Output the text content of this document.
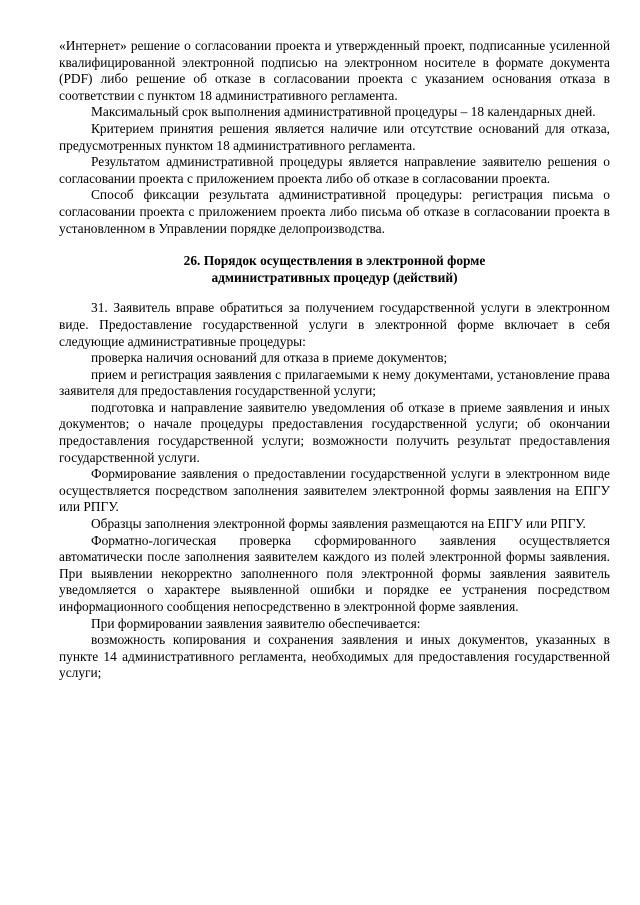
«Интернет» решение о согласовании проекта и утвержденный проект, подписанные усиленной квалифицированной электронной подписью на электронном носителе в формате документа (PDF) либо решение об отказе в согласовании проекта с указанием основания отказа в соответствии с пунктом 18 административного регламента.

Максимальный срок выполнения административной процедуры – 18 календарных дней.

Критерием принятия решения является наличие или отсутствие оснований для отказа, предусмотренных пунктом 18 административного регламента.

Результатом административной процедуры является направление заявителю решения о согласовании проекта с приложением проекта либо об отказе в согласовании проекта.

Способ фиксации результата административной процедуры: регистрация письма о согласовании проекта с приложением проекта либо письма об отказе в согласовании проекта в установленном в Управлении порядке делопроизводства.

26. Порядок осуществления в электронной форме
административных процедур (действий)

31. Заявитель вправе обратиться за получением государственной услуги в электронном виде. Предоставление государственной услуги в электронной форме включает в себя следующие административные процедуры:

проверка наличия оснований для отказа в приеме документов;

прием и регистрация заявления с прилагаемыми к нему документами, установление права заявителя для предоставления государственной услуги;

подготовка и направление заявителю уведомления об отказе в приеме заявления и иных документов; о начале процедуры предоставления государственной услуги; об окончании предоставления государственной услуги; возможности получить результат предоставления государственной услуги.

Формирование заявления о предоставлении государственной услуги в электронном виде осуществляется посредством заполнения заявителем электронной формы заявления на ЕПГУ или РПГУ.

Образцы заполнения электронной формы заявления размещаются на ЕПГУ или РПГУ.

Форматно-логическая проверка сформированного заявления осуществляется автоматически после заполнения заявителем каждого из полей электронной формы заявления. При выявлении некорректно заполненного поля электронной формы заявления заявитель уведомляется о характере выявленной ошибки и порядке ее устранения посредством информационного сообщения непосредственно в электронной форме заявления.

При формировании заявления заявителю обеспечивается:

возможность копирования и сохранения заявления и иных документов, указанных в пункте 14 административного регламента, необходимых для предоставления государственной услуги;
